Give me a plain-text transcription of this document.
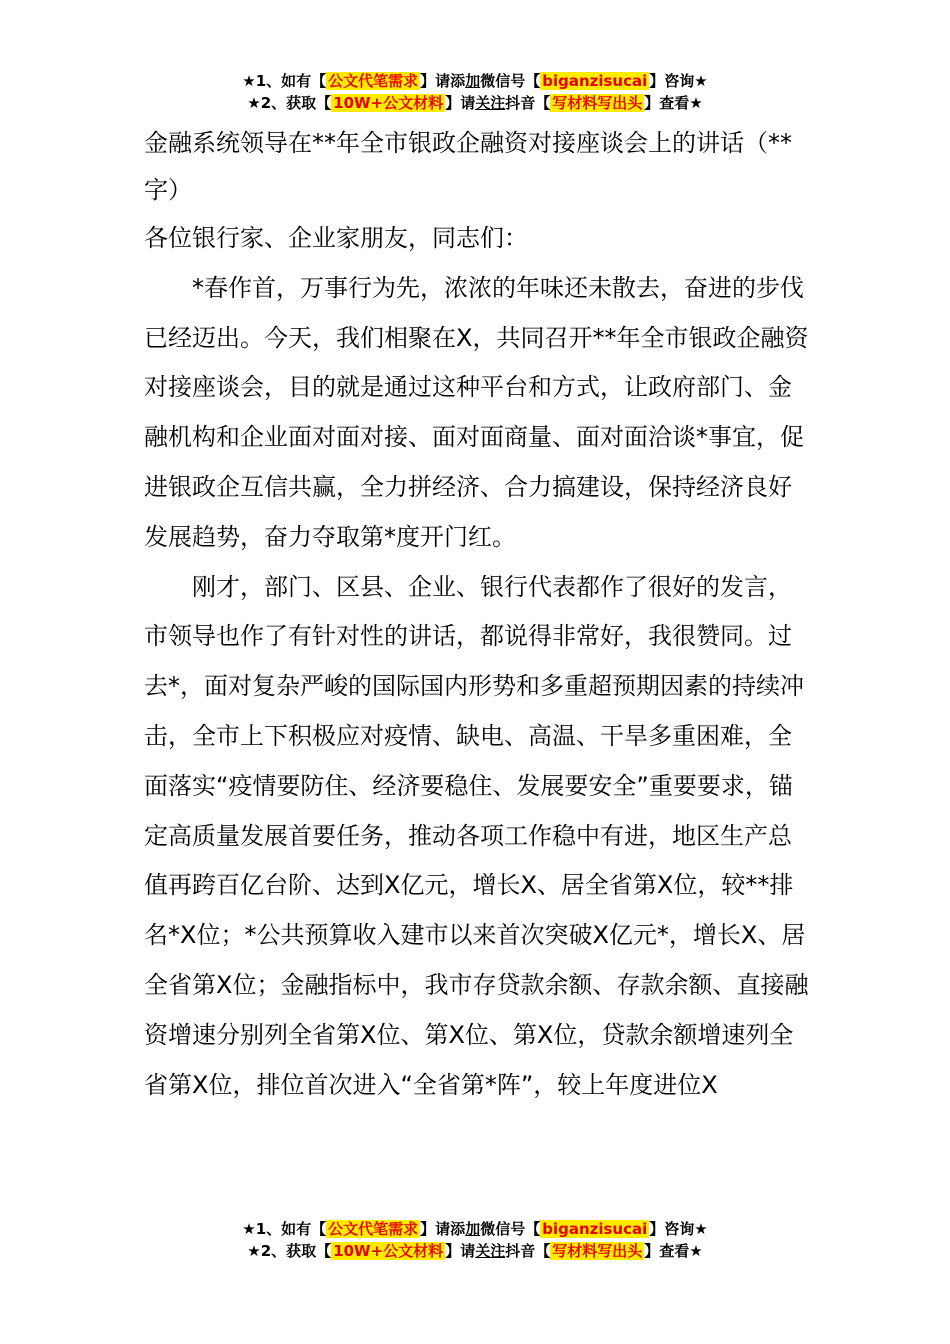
★1、如有【 公文代笔需求 】请添加微信号【 biganzisucai 】咨询★
★2、获取【 10W+公文材料 】请关注抖音【 写材料写出头 】查看★
金融系统领导在**年全市银政企融资对接座谈会上的讲话（**字）

各位银行家、企业家朋友，同志们：

*春作首，万事行为先，浓浓的年味还未散去，奋进的步伐已经迈出。今天，我们相聚在X，共同召开**年全市银政企融资对接座谈会，目的就是通过这种平台和方式，让政府部门、金融机构和企业面对面对接、面对面商量、面对面洽谈*事宜，促进银政企互信共赢，全力拼经济、合力搞建设，保持经济良好发展趋势，奋力夺取第*度开门红。

刚才，部门、区县、企业、银行代表都作了很好的发言，市领导也作了有针对性的讲话，都说得非常好，我很赞同。过去*，面对复杂严峻的国际国内形势和多重超预期因素的持续冲击，全市上下积极应对疫情、缺电、高温、干旱多重困难，全面落实“疫情要防住、经济要稳住、发展要安全”重要要求，锚定高质量发展首要任务，推动各项工作稳中有进，地区生产总值再跨百亿台阶、达到X亿元，增长X、居全省第X位，较**排名*X位；*公共预算收入建市以来首次突破X亿元*，增长X、居全省第X位；金融指标中，我市存贷款余额、存款余额、直接融资增速分别列全省第X位、第X位、第X位，贷款余额增速列全省第X位，排位首次进入“全省第*阵”，较上年度进位X

★1、如有【 公文代笔需求 】请添加微信号【 biganzisucai 】咨询★
★2、获取【 10W+公文材料 】请关注抖音【 写材料写出头 】查看★
